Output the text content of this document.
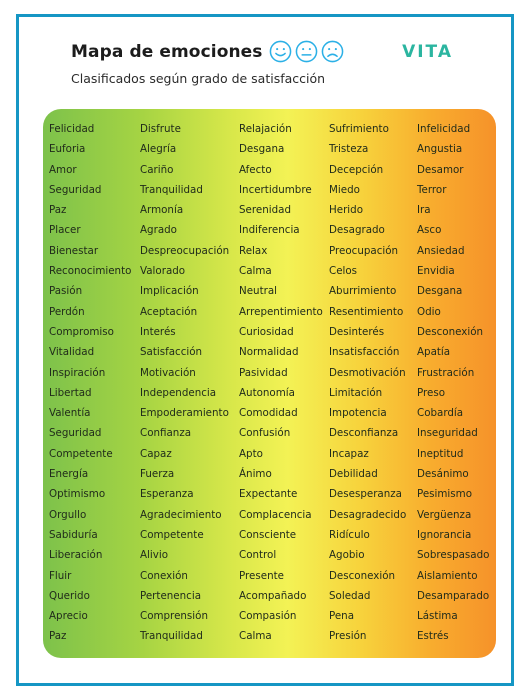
Mapa de emociones
Clasificados según grado de satisfacción
VITA
Felicidad
Euforia
Amor
Seguridad
Paz
Placer
Bienestar
Reconocimiento
Pasión
Perdón
Compromiso
Vitalidad
Inspiración
Libertad
Valentía
Seguridad
Competente
Energía
Optimismo
Orgullo
Sabiduría
Liberación
Fluir
Querido
Aprecio
Paz
Disfrute
Alegría
Cariño
Tranquilidad
Armonía
Agrado
Despreocupación
Valorado
Implicación
Aceptación
Interés
Satisfacción
Motivación
Independencia
Empoderamiento
Confianza
Capaz
Fuerza
Esperanza
Agradecimiento
Competente
Alivio
Conexión
Pertenencia
Comprensión
Tranquilidad
Relajación
Desgana
Afecto
Incertidumbre
Serenidad
Indiferencia
Relax
Calma
Neutral
Arrepentimiento
Curiosidad
Normalidad
Pasividad
Autonomía
Comodidad
Confusión
Apto
Ánimo
Expectante
Complacencia
Consciente
Control
Presente
Acompañado
Compasión
Calma
Sufrimiento
Tristeza
Decepción
Miedo
Herido
Desagrado
Preocupación
Celos
Aburrimiento
Resentimiento
Desinterés
Insatisfacción
Desmotivación
Limitación
Impotencia
Desconfianza
Incapaz
Debilidad
Desesperanza
Desagradecido
Ridículo
Agobio
Desconexión
Soledad
Pena
Presión
Infelicidad
Angustia
Desamor
Terror
Ira
Asco
Ansiedad
Envidia
Desgana
Odio
Desconexión
Apatía
Frustración
Preso
Cobardía
Inseguridad
Ineptitud
Desánimo
Pesimismo
Vergüenza
Ignorancia
Sobrespasado
Aislamiento
Desamparado
Lástima
Estrés
